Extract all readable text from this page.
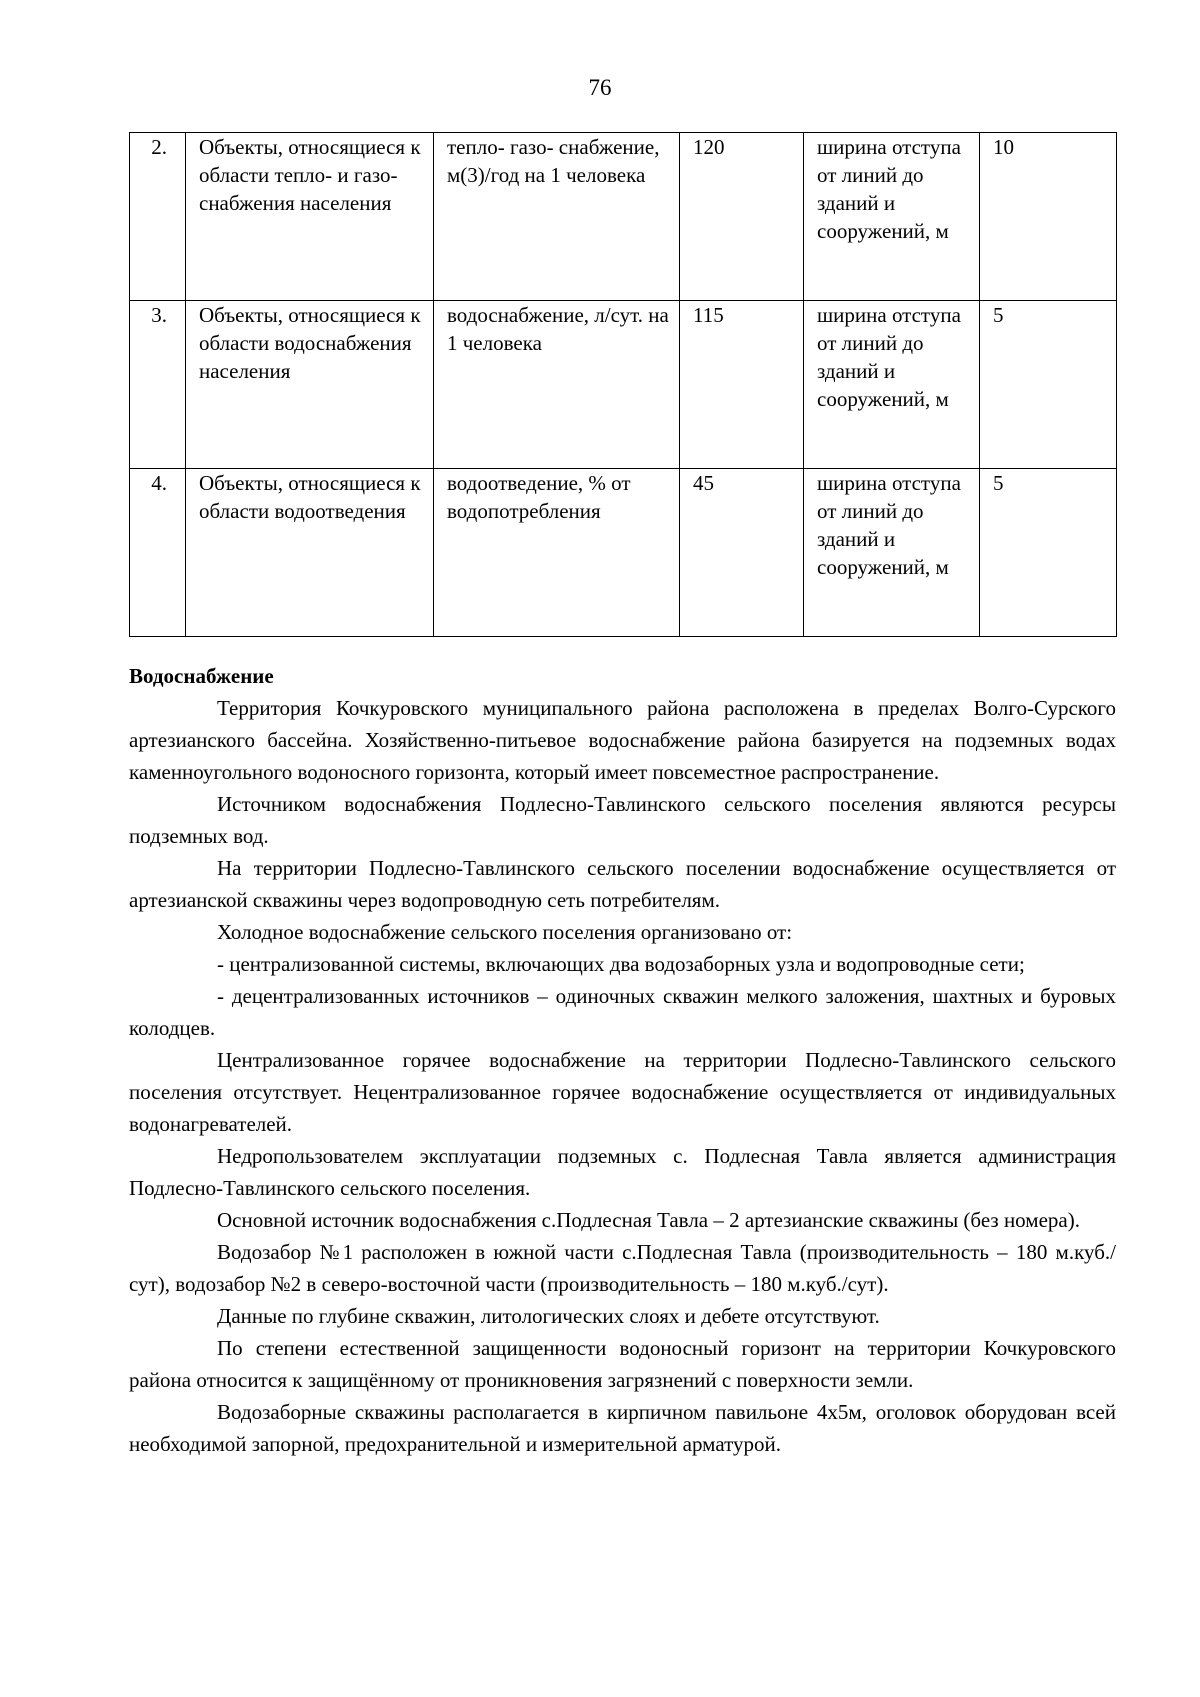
76
2.	Объекты, относящиеся к области тепло- и газо- снабжения населения	тепло- газо- снабжение, м(3)/год на 1 человека	120	ширина отступа от линий до зданий и сооружений, м	10
3.	Объекты, относящиеся к области водоснабжения населения	водоснабжение, л/сут. на 1 человека	115	ширина отступа от линий до зданий и сооружений, м	5
4.	Объекты, относящиеся к области водоотведения	водоотведение, % от водопотребления	45	ширина отступа от линий до зданий и сооружений, м	5

Водоснабжение

Территория Кочкуровского муниципального района расположена в пределах Волго-Сурского артезианского бассейна. Хозяйственно-питьевое водоснабжение района базируется на подземных водах каменноугольного водоносного горизонта, который имеет повсеместное распространение.

Источником водоснабжения Подлесно-Тавлинского сельского поселения являются ресурсы подземных вод.

На территории Подлесно-Тавлинского сельского поселении водоснабжение осуществляется от артезианской скважины через водопроводную сеть потребителям.

Холодное водоснабжение сельского поселения организовано от:

- централизованной системы, включающих два водозаборных узла и водопроводные сети;

- децентрализованных источников – одиночных скважин мелкого заложения, шахтных и буровых колодцев.

Централизованное горячее водоснабжение на территории Подлесно-Тавлинского сельского поселения отсутствует. Нецентрализованное горячее водоснабжение осуществляется от индивидуальных водонагревателей.

Недропользователем эксплуатации подземных с. Подлесная Тавла является администрация Подлесно-Тавлинского сельского поселения.

Основной источник водоснабжения с.Подлесная Тавла – 2 артезианские скважины (без номера).

Водозабор №1 расположен в южной части с.Подлесная Тавла (производительность – 180 м.куб./сут), водозабор №2 в северо-восточной части (производительность – 180 м.куб./сут).

Данные по глубине скважин, литологических слоях и дебете отсутствуют.

По степени естественной защищенности водоносный горизонт на территории Кочкуровского района относится к защищённому от проникновения загрязнений с поверхности земли.

Водозаборные скважины располагается в кирпичном павильоне 4х5м, оголовок оборудован всей необходимой запорной, предохранительной и измерительной арматурой.
